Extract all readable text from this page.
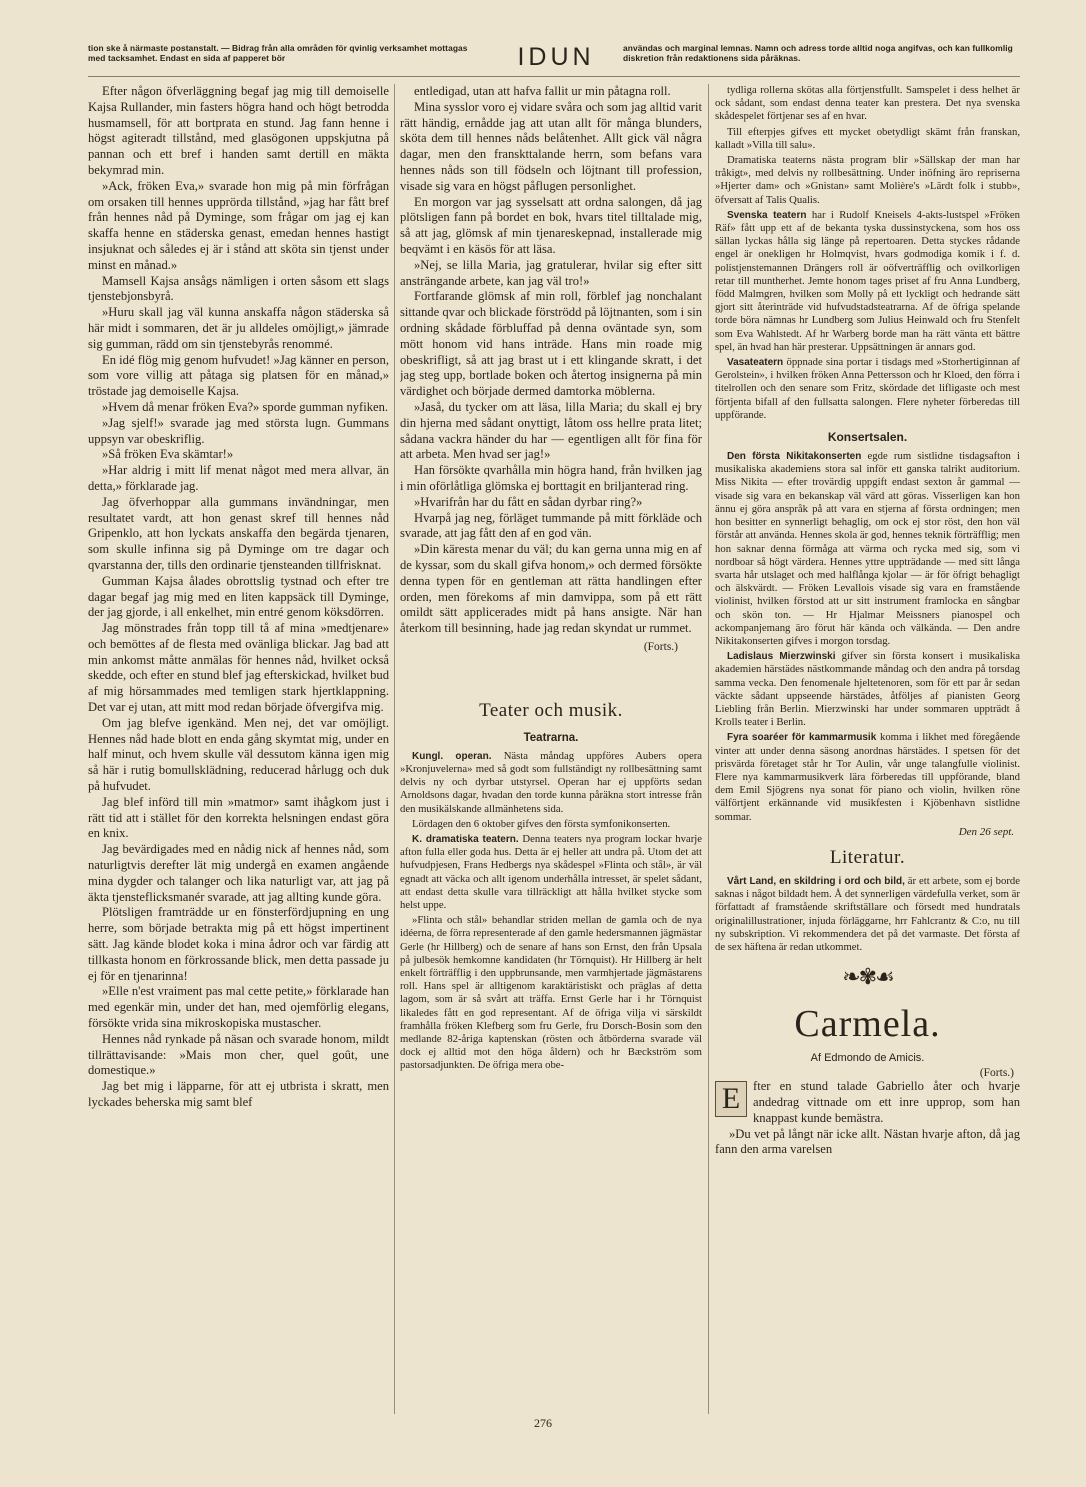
tion ske å närmaste postanstalt. — Bidrag från alla områden för qvinlig verksamhet mottagas med tacksamhet. Endast en sida af papperet bör	IDUN	användas och marginal lemnas. Namn och adress torde alltid noga angifvas, och kan fullkomlig diskretion från redaktionens sida påräknas.

Efter någon öfverläggning begaf jag mig till demoiselle Kajsa Rullander, min fasters högra hand och högt betrodda husmamsell, för att bortprata en stund. Jag fann henne i högst agiteradt tillstånd, med glasögonen uppskjutna på pannan och ett bref i handen samt dertill en mäkta bekymrad min.

»Ack, fröken Eva,» svarade hon mig på min förfrågan om orsaken till hennes upprörda tillstånd, »jag har fått bref från hennes nåd på Dyminge, som frågar om jag ej kan skaffa henne en städerska genast, emedan hennes hastigt insjuknat och således ej är i stånd att sköta sin tjenst under minst en månad.»

Mamsell Kajsa ansågs nämligen i orten såsom ett slags tjenstebjonsbyrå.

»Huru skall jag väl kunna anskaffa någon städerska så här midt i sommaren, det är ju alldeles omöjligt,» jämrade sig gumman, rädd om sin tjenstebyrås renommé.

En idé flög mig genom hufvudet! »Jag känner en person, som vore villig att påtaga sig platsen för en månad,» tröstade jag demoiselle Kajsa.

»Hvem då menar fröken Eva?» sporde gumman nyfiken.

»Jag sjelf!» svarade jag med största lugn. Gummans uppsyn var obeskriflig.

»Så fröken Eva skämtar!»

»Har aldrig i mitt lif menat något med mera allvar, än detta,» förklarade jag.

Jag öfverhoppar alla gummans invändningar, men resultatet vardt, att hon genast skref till hennes nåd Gripenklo, att hon lyckats anskaffa den begärda tjenaren, som skulle infinna sig på Dyminge om tre dagar och qvarstanna der, tills den ordinarie tjensteanden tillfrisknat.

Gumman Kajsa ålades obrottslig tystnad och efter tre dagar begaf jag mig med en liten kappsäck till Dyminge, der jag gjorde, i all enkelhet, min entré genom köksdörren.

Jag mönstrades från topp till tå af mina »medtjenare» och bemöttes af de flesta med ovänliga blickar. Jag bad att min ankomst måtte anmälas för hennes nåd, hvilket också skedde, och efter en stund blef jag efterskickad, hvilket bud af mig hörsammades med temligen stark hjertklappning. Det var ej utan, att mitt mod redan började öfvergifva mig.

Om jag blefve igenkänd. Men nej, det var omöjligt. Hennes nåd hade blott en enda gång skymtat mig, under en half minut, och hvem skulle väl dessutom känna igen mig så här i rutig bomullsklädning, reducerad hårlugg och duk på hufvudet.

Jag blef införd till min »matmor» samt ihågkom just i rätt tid att i stället för den korrekta helsningen endast göra en knix.

Jag bevärdigades med en nådig nick af hennes nåd, som naturligtvis derefter lät mig undergå en examen angående mina dygder och talanger och lika naturligt var, att jag på äkta tjensteflicksmanér svarade, att jag allting kunde göra.

Plötsligen framträdde ur en fönsterfördjupning en ung herre, som började betrakta mig på ett högst impertinent sätt. Jag kände blodet koka i mina ådror och var färdig att tillkasta honom en förkrossande blick, men detta passade ju ej för en tjenarinna!

»Elle n'est vraiment pas mal cette petite,» förklarade han med egenkär min, under det han, med ojemförlig elegans, försökte vrida sina mikroskopiska mustascher.

Hennes nåd rynkade på näsan och svarade honom, mildt tillrättavisande: »Mais mon cher, quel goût, une domestique.»

Jag bet mig i läpparne, för att ej utbrista i skratt, men lyckades beherska mig samt blef

entlediɡad, utan att hafva fallit ur min påtagna roll.

Mina sysslor voro ej vidare svåra och som jag alltid varit rätt händig, ernådde jag att utan allt för många blunders, sköta dem till hennes nåds belåtenhet. Allt gick väl några dagar, men den franskttalande herrn, som befans vara hennes nåds son till födseln och löjtnant till profession, visade sig vara en högst påflugen personlighet.

En morgon var jag sysselsatt att ordna salongen, då jag plötsligen fann på bordet en bok, hvars titel tilltalade mig, så att jag, glömsk af min tjenareskepnad, installerade mig beqvämt i en käsös för att läsa.

»Nej, se lilla Maria, jag gratulerar, hvilar sig efter sitt ansträngande arbete, kan jag väl tro!»

Fortfarande glömsk af min roll, förblef jag nonchalant sittande qvar och blickade förströdd på löjtnanten, som i sin ordning skådade förbluffad på denna oväntade syn, som mött honom vid hans inträde. Hans min roade mig obeskrifligt, så att jag brast ut i ett klingande skratt, i det jag steg upp, bortlade boken och återtog insignerna på min värdighet och började dermed damtorka möblerna.

»Jaså, du tycker om att läsa, lilla Maria; du skall ej bry din hjerna med sådant onyttigt, låtom oss hellre prata litet; sådana vackra händer du har — egentligen allt för fina för att arbeta. Men hvad ser jag!»

Han försökte qvarhålla min högra hand, från hvilken jag i min oförlåtliga glömska ej borttagit en briljanterad ring.

»Hvarifrån har du fått en sådan dyrbar ring?»

Hvarpå jag neg, förläget tummande på mitt förkläde och svarade, att jag fått den af en god vän.

»Din käresta menar du väl; du kan gerna unna mig en af de kyssar, som du skall gifva honom,» och dermed försökte denna typen för en gentleman att rätta handlingen efter orden, men förekoms af min damvippa, som på ett rätt omildt sätt applicerades midt på hans ansigte. När han återkom till besinning, hade jag redan skyndat ur rummet.

(Forts.)
Teater och musik.
Teatrarna.

Kungl. operan. Nästa måndag uppföres Aubers opera »Kronjuvelerna» med så godt som fullständigt ny rollbesättning samt delvis ny och dyrbar utstyrsel. Operan har ej uppförts sedan Arnoldsons dagar, hvadan den torde kunna påräkna stort intresse från den musikälskande allmänhetens sida.

Lördagen den 6 oktober gifves den första symfonikonserten.

K. dramatiska teatern. Denna teaters nya program lockar hvarje afton fulla eller goda hus. Detta är ej heller att undra på. Utom det att hufvudpjesen, Frans Hedbergs nya skådespel »Flinta och stål», är väl egnadt att väcka och allt igenom underhålla intresset, är spelet sådant, att endast detta skulle vara tillräckligt att hålla hvilket stycke som helst uppe.

»Flinta och stål» behandlar striden mellan de gamla och de nya idéerna, de förra representerade af den gamle hedersmannen jägmästar Gerle (hr Hillberg) och de senare af hans son Ernst, den från Upsala på julbesök hemkomne kandidaten (hr Törnquist). Hr Hillberg är helt enkelt förträfflig i den uppbrunsande, men varmhjertade jägmästarens roll. Hans spel är alltigenom karaktäristiskt och präglas af detta lagom, som är så svårt att träffa. Ernst Gerle har i hr Törnquist likaledes fått en god representant. Af de öfriga vilja vi särskildt framhålla fröken Klefberg som fru Gerle, fru Dorsch-Bosin som den medlande 82-åriga kaptenskan (rösten och åtbörderna svarade väl dock ej alltid mot den höga åldern) och hr Bæckström som pastorsadjunkten. De öfriga mera obe-

tydliga rollerna skötas alla förtjenstfullt. Samspelet i dess helhet är ock sådant, som endast denna teater kan prestera. Det nya svenska skådespelet förtjenar ses af en hvar.

Till efterpjes gifves ett mycket obetydligt skämt från franskan, kalladt »Villa till salu».

Dramatiska teaterns nästa program blir »Sällskap der man har tråkigt», med delvis ny rollbesättning. Under inöfning äro repriserna »Hjerter dam» och »Gnistan» samt Molière's »Lärdt folk i stubb», öfversatt af Talis Qualis.

Svenska teatern har i Rudolf Kneisels 4-akts-lustspel »Fröken Räf» fått upp ett af de bekanta tyska dussinstyckena, som hos oss sällan lyckas hålla sig länge på repertoaren. Detta styckes rådande engel är onekligen hr Holmqvist, hvars godmodiga komik i f. d. polistjenstemannen Drängers roll är oöfverträfflig och ovilkorligen retar till muntherhet. Jemte honom tages priset af fru Anna Lundberg, född Malmgren, hvilken som Molly på ett lyckligt och hedrande sätt gjort sitt återinträde vid hufvudstadsteatrarna. Af de öfriga spelande torde böra nämnas hr Lundberg som Julius Heinwald och fru Stenfelt som Eva Wahlstedt. Af hr Warberg borde man ha rätt vänta ett bättre spel, än hvad han här presterar. Uppsättningen är annars god.

Vasateatern öppnade sina portar i tisdags med »Storhertiginnan af Gerolstein», i hvilken fröken Anna Pettersson och hr Kloed, den förra i titelrollen och den senare som Fritz, skördade det lifligaste och mest förtjenta bifall af den fullsatta salongen. Flere nyheter förberedas till uppförande.

Konsertsalen.

Den första Nikitakonserten egde rum sistlidne tisdagsafton i musikaliska akademiens stora sal inför ett ganska talrikt auditorium. Miss Nikita — efter trovärdig uppgift endast sexton år gammal — visade sig vara en bekanskap väl värd att göras. Visserligen kan hon ännu ej göra anspråk på att vara en stjerna af första ordningen; men hon besitter en synnerligt behaglig, om ock ej stor röst, den hon väl förstår att använda. Hennes skola är god, hennes teknik förträfflig; men hon saknar denna förmåga att värma och rycka med sig, som vi nordboar så högt värdera. Hennes yttre uppträdande — med sitt långa svarta hår utslaget och med halflånga kjolar — är för öfrigt behagligt och älskvärdt. — Fröken Levallois visade sig vara en framstående violinist, hvilken förstod att ur sitt instrument framlocka en sångbar och skön ton. — Hr Hjalmar Meissners pianospel och ackompanjemang äro förut här kända och välkända. — Den andre Nikitakonserten gifves i morgon torsdag.

Ladislaus Mierzwinski gifver sin första konsert i musikaliska akademien härstädes nästkommande måndag och den andra på torsdag samma vecka. Den fenomenale hjeltetenoren, som för ett par år sedan väckte sådant uppseende härstädes, åtföljes af pianisten Georg Liebling från Berlin. Mierzwinski har under sommaren uppträdt å Krolls teater i Berlin.

Fyra soaréer för kammarmusik komma i likhet med föregående vinter att under denna säsong anordnas härstädes. I spetsen för det prisvärda företaget står hr Tor Aulin, vår unge talangfulle violinist. Flere nya kammarmusikverk lära förberedas till uppförande, bland dem Emil Sjögrens nya sonat för piano och violin, hvilken röne välförtjent erkännande vid musikfesten i Kjöbenhavn sistlidne sommar.

Den 26 sept.
Literatur.

Vårt Land, en skildring i ord och bild, är ett arbete, som ej borde saknas i något bildadt hem. Å det synnerligen värdefulla verket, som är författadt af framstående skriftställare och försedt med hundratals originalillustrationer, injuda förläggarne, hrr Fahlcrantz & C:o, nu till ny subskription. Vi rekommendera det på det varmaste. Det första af de sex häftena är redan utkommet.

❧✾☙
Carmela.
Af Edmondo de Amicis.
(Forts.)

E	fter en stund talade Gabriello åter och hvarje andedrag vittnade om ett inre upprор, som han knappast kunde bemästra.

»Du vet på långt när icke allt. Nästan hvarje afton, då jag fann den arma varelsen

276
